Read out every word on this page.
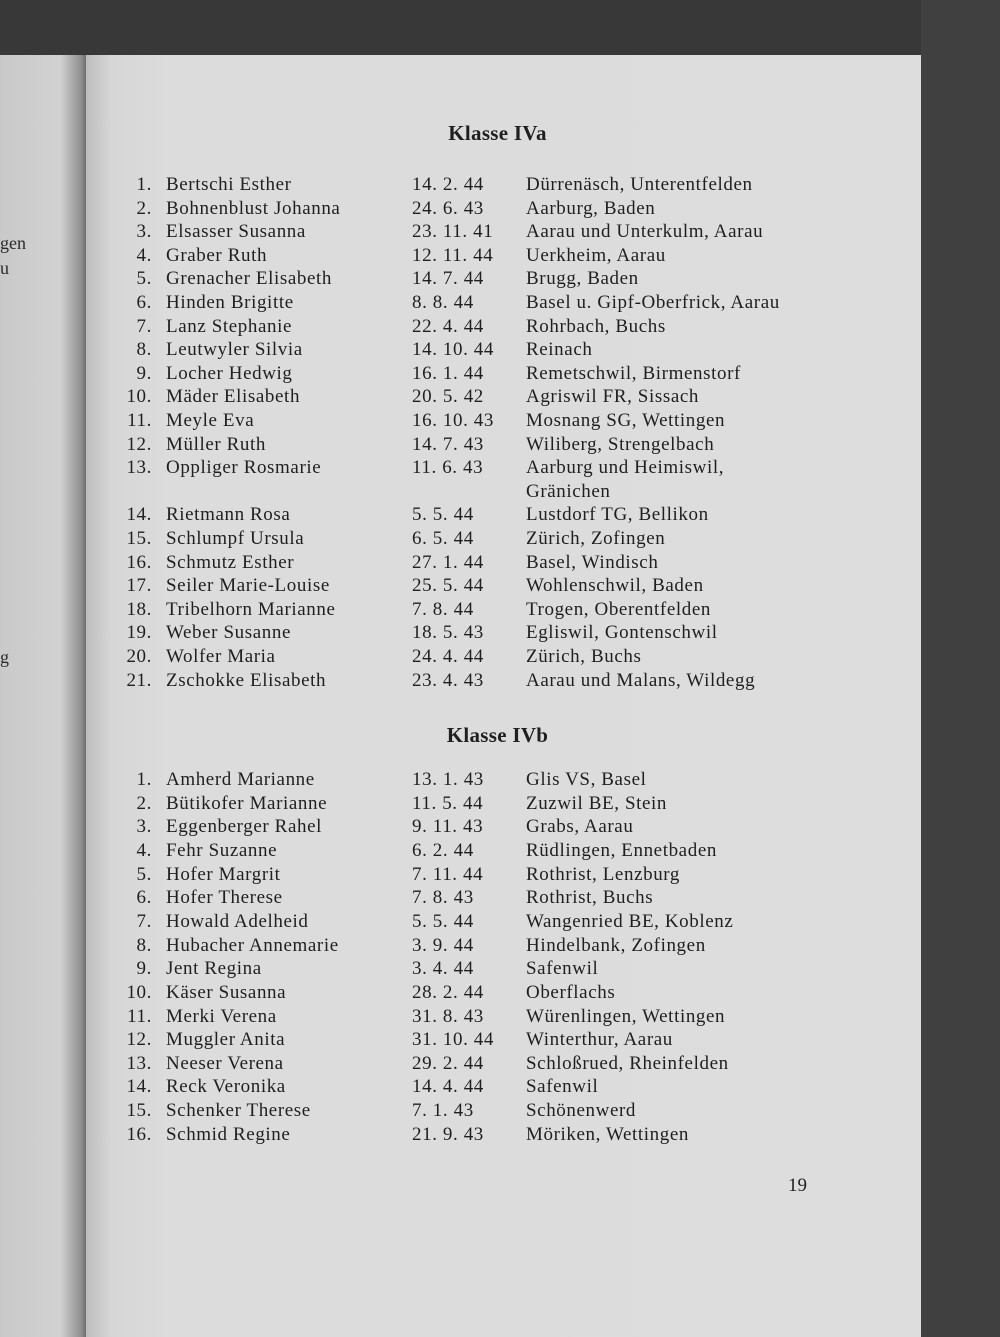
gen
u
g
Klasse IVa
1. Bertschi Esther	14. 2. 44	Dürrenäsch, Unterentfelden
2. Bohnenblust Johanna	24. 6. 43	Aarburg, Baden
3. Elsasser Susanna	23. 11. 41	Aarau und Unterkulm, Aarau
4. Graber Ruth	12. 11. 44	Uerkheim, Aarau
5. Grenacher Elisabeth	14. 7. 44	Brugg, Baden
6. Hinden Brigitte	8. 8. 44	Basel u. Gipf-Oberfrick, Aarau
7. Lanz Stephanie	22. 4. 44	Rohrbach, Buchs
8. Leutwyler Silvia	14. 10. 44	Reinach
9. Locher Hedwig	16. 1. 44	Remetschwil, Birmenstorf
10. Mäder Elisabeth	20. 5. 42	Agriswil FR, Sissach
11. Meyle Eva	16. 10. 43	Mosnang SG, Wettingen
12. Müller Ruth	14. 7. 43	Wiliberg, Strengelbach
13. Oppliger Rosmarie	11. 6. 43	Aarburg und Heimiswil,
Gränichen
14. Rietmann Rosa	5. 5. 44	Lustdorf TG, Bellikon
15. Schlumpf Ursula	6. 5. 44	Zürich, Zofingen
16. Schmutz Esther	27. 1. 44	Basel, Windisch
17. Seiler Marie-Louise	25. 5. 44	Wohlenschwil, Baden
18. Tribelhorn Marianne	7. 8. 44	Trogen, Oberentfelden
19. Weber Susanne	18. 5. 43	Egliswil, Gontenschwil
20. Wolfer Maria	24. 4. 44	Zürich, Buchs
21. Zschokke Elisabeth	23. 4. 43	Aarau und Malans, Wildegg
Klasse IVb
1. Amherd Marianne	13. 1. 43	Glis VS, Basel
2. Bütikofer Marianne	11. 5. 44	Zuzwil BE, Stein
3. Eggenberger Rahel	9. 11. 43	Grabs, Aarau
4. Fehr Suzanne	6. 2. 44	Rüdlingen, Ennetbaden
5. Hofer Margrit	7. 11. 44	Rothrist, Lenzburg
6. Hofer Therese	7. 8. 43	Rothrist, Buchs
7. Howald Adelheid	5. 5. 44	Wangenried BE, Koblenz
8. Hubacher Annemarie	3. 9. 44	Hindelbank, Zofingen
9. Jent Regina	3. 4. 44	Safenwil
10. Käser Susanna	28. 2. 44	Oberflachs
11. Merki Verena	31. 8. 43	Würenlingen, Wettingen
12. Muggler Anita	31. 10. 44	Winterthur, Aarau
13. Neeser Verena	29. 2. 44	Schloßrued, Rheinfelden
14. Reck Veronika	14. 4. 44	Safenwil
15. Schenker Therese	7. 1. 43	Schönenwerd
16. Schmid Regine	21. 9. 43	Möriken, Wettingen
19
